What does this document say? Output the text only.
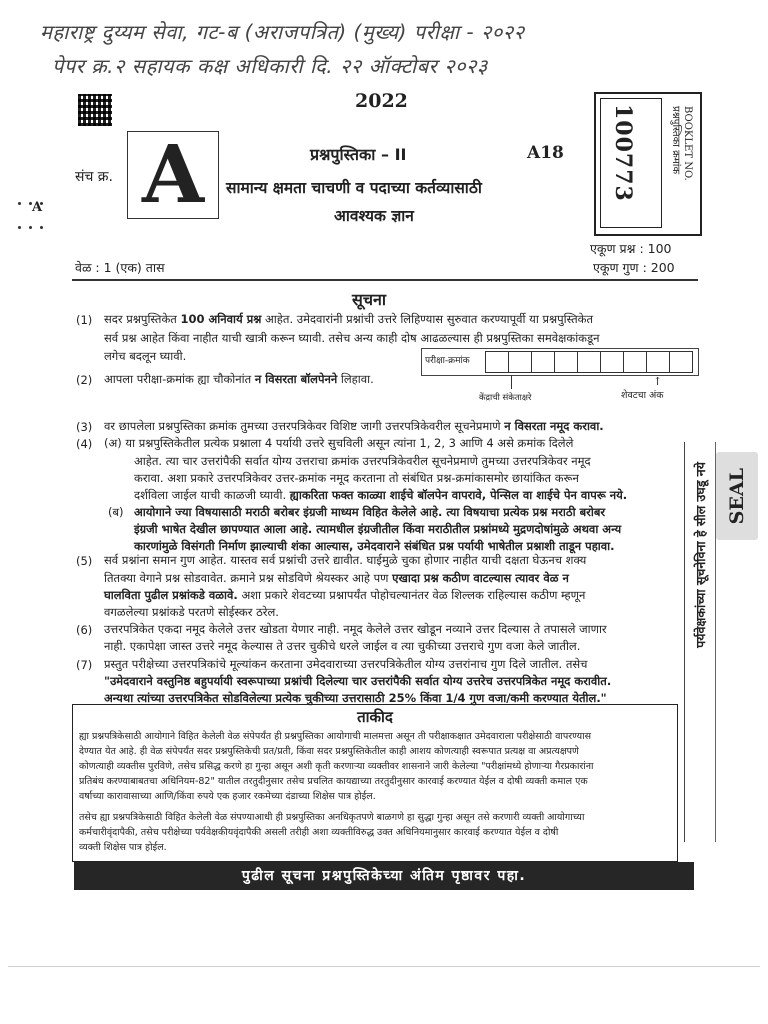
महाराष्ट्र दुय्यम सेवा, गट-ब (अराजपत्रित) (मुख्य) परीक्षा - २०२२
पेपर क्र.२ सहायक कक्ष अधिकारी दि. २२ ऑक्टोबर २०२३
2022
संच क्र.
A A	प्रश्नपुस्तिका – II	A18
सामान्य क्षमता चाचणी व पदाच्या कर्तव्यासाठी
आवश्यक ज्ञान
100773	प्रश्नपुस्तिका क्रमांक BOOKLET NO.
एकूण प्रश्न : 100
एकूण गुण : 200
वेळ : 1 (एक) तास
सूचना
(1) सदर प्रश्नपुस्तिकेत 100 अनिवार्य प्रश्न आहेत. उमेदवारांनी प्रश्नांची उत्तरे लिहिण्यास सुरुवात करण्यापूर्वी या प्रश्नपुस्तिकेत
सर्व प्रश्न आहेत किंवा नाहीत याची खात्री करून घ्यावी. तसेच अन्य काही दोष आढळल्यास ही प्रश्नपुस्तिका समवेक्षकांकडून
लगेच बदलून घ्यावी.	परीक्षा-क्रमांक
↑
केंद्राची संकेताक्षरे	शेवटचा अंक
(2) आपला परीक्षा-क्रमांक ह्या चौकोनांत न विसरता बॉलपेनने लिहावा.
(3) वर छापलेला प्रश्नपुस्तिका क्रमांक तुमच्या उत्तरपत्रिकेवर विशिष्ट जागी उत्तरपत्रिकेवरील सूचनेप्रमाणे न विसरता नमूद करावा.
(4) (अ) या प्रश्नपुस्तिकेतील प्रत्येक प्रश्नाला 4 पर्यायी उत्तरे सुचविली असून त्यांना 1, 2, 3 आणि 4 असे क्रमांक दिलेले
आहेत. त्या चार उत्तरांपैकी सर्वात योग्य उत्तराचा क्रमांक उत्तरपत्रिकेवरील सूचनेप्रमाणे तुमच्या उत्तरपत्रिकेवर नमूद
करावा. अशा प्रकारे उत्तरपत्रिकेवर उत्तर-क्रमांक नमूद करताना तो संबंधित प्रश्न-क्रमांकासमोर छायांकित करून
दर्शविला जाईल याची काळजी घ्यावी. ह्याकरिता फक्त काळ्या शाईचे बॉलपेन वापरावे, पेन्सिल वा शाईचे पेन वापरू नये.
(ब) आयोगाने ज्या विषयासाठी मराठी बरोबर इंग्रजी माध्यम विहित केलेले आहे. त्या विषयाचा प्रत्येक प्रश्न मराठी बरोबर
इंग्रजी भाषेत देखील छापण्यात आला आहे. त्यामधील इंग्रजीतील किंवा मराठीतील प्रश्नांमध्ये मुद्रणदोषांमुळे अथवा अन्य
कारणांमुळे विसंगती निर्माण झाल्याची शंका आल्यास, उमेदवाराने संबंधित प्रश्न पर्यायी भाषेतील प्रश्नाशी ताडून पहावा.
(5) सर्व प्रश्नांना समान गुण आहेत. यास्तव सर्व प्रश्नांची उत्तरे द्यावीत. घाईमुळे चुका होणार नाहीत याची दक्षता घेऊनच शक्य
तितक्या वेगाने प्रश्न सोडवावेत. क्रमाने प्रश्न सोडविणे श्रेयस्कर आहे पण एखादा प्रश्न कठीण वाटल्यास त्यावर वेळ न
घालविता पुढील प्रश्नांकडे वळावे. अशा प्रकारे शेवटच्या प्रश्नापर्यंत पोहोचल्यानंतर वेळ शिल्लक राहिल्यास कठीण म्हणून
वगळलेल्या प्रश्नांकडे परतणे सोईस्कर ठरेल.
(6) उत्तरपत्रिकेत एकदा नमूद केलेले उत्तर खोडता येणार नाही. नमूद केलेले उत्तर खोडून नव्याने उत्तर दिल्यास ते तपासले जाणार
नाही. एकापेक्षा जास्त उत्तरे नमूद केल्यास ते उत्तर चुकीचे धरले जाईल व त्या चुकीच्या उत्तराचे गुण वजा केले जातील.
(7) प्रस्तुत परीक्षेच्या उत्तरपत्रिकांचे मूल्यांकन करताना उमेदवाराच्या उत्तरपत्रिकेतील योग्य उत्तरांनाच गुण दिले जातील. तसेच
"उमेदवाराने वस्तुनिष्ठ बहुपर्यायी स्वरूपाच्या प्रश्नांची दिलेल्या चार उत्तरांपैकी सर्वात योग्य उत्तरेच उत्तरपत्रिकेत नमूद करावीत.
अन्यथा त्यांच्या उत्तरपत्रिकेत सोडविलेल्या प्रत्येक चुकीच्या उत्तरासाठी 25% किंवा 1/4 गुण वजा/कमी करण्यात येतील."
ताकीद

ह्या प्रश्नपत्रिकेसाठी आयोगाने विहित केलेली वेळ संपेपर्यंत ही प्रश्नपुस्तिका आयोगाची मालमत्ता असून ती परीक्षाकक्षात उमेदवाराला परीक्षेसाठी वापरण्यास

देण्यात येत आहे. ही वेळ संपेपर्यंत सदर प्रश्नपुस्तिकेची प्रत/प्रती, किंवा सदर प्रश्नपुस्तिकेतील काही आशय कोणत्याही स्वरूपात प्रत्यक्ष वा अप्रत्यक्षपणे

कोणत्याही व्यक्तीस पुरविणे, तसेच प्रसिद्ध करणे हा गुन्हा असून अशी कृती करणाऱ्या व्यक्तीवर शासनाने जारी केलेल्या "परीक्षांमध्ये होणाऱ्या गैरप्रकारांना

प्रतिबंध करण्याबाबतचा अधिनियम-82" यातील तरतुदीनुसार तसेच प्रचलित कायद्याच्या तरतुदीनुसार कारवाई करण्यात येईल व दोषी व्यक्ती कमाल एक

वर्षाच्या कारावासाच्या आणि/किंवा रुपये एक हजार रकमेच्या दंडाच्या शिक्षेस पात्र होईल.

तसेच ह्या प्रश्नपत्रिकेसाठी विहित केलेली वेळ संपण्याआधी ही प्रश्नपुस्तिका अनधिकृतपणे बाळगणे हा सुद्धा गुन्हा असून तसे करणारी व्यक्ती आयोगाच्या

कर्मचारीवृंदापैकी, तसेच परीक्षेच्या पर्यवेक्षकीयवृंदापैकी असली तरीही अशा व्यक्तीविरुद्ध उक्त अधिनियमानुसार कारवाई करण्यात येईल व दोषी

व्यक्ती शिक्षेस पात्र होईल.

पर्यवेक्षकांच्या सूचनेविना हे सील उघडू नये SEAL
पुढील सूचना प्रश्नपुस्तिकेच्या अंतिम पृष्ठावर पहा.
